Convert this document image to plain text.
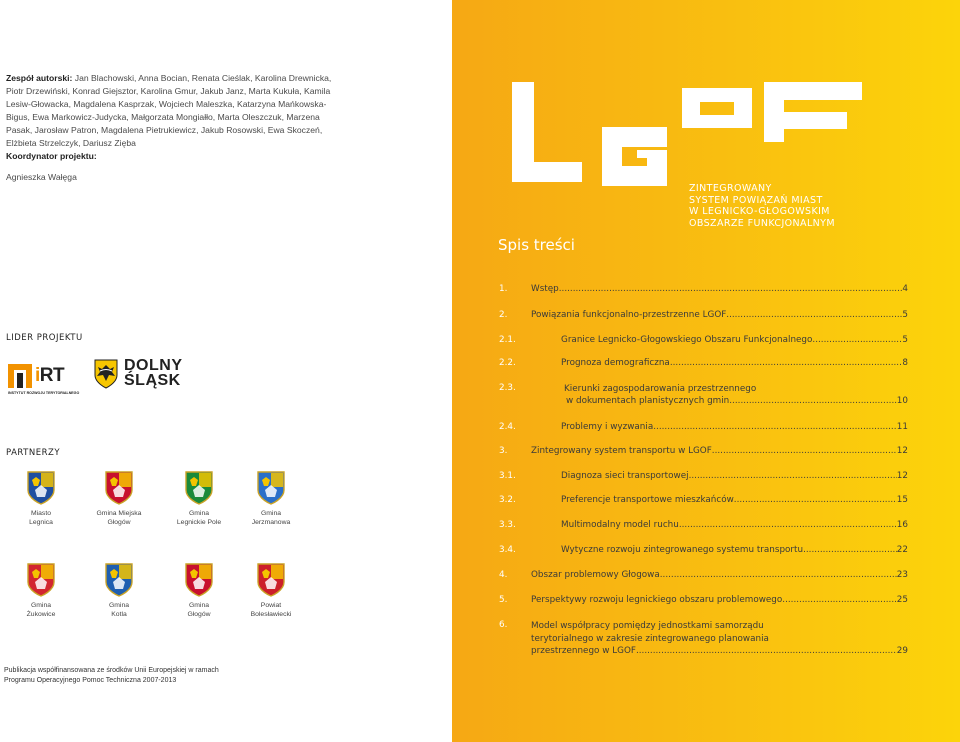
Zespół autorski: Jan Blachowski, Anna Bocian, Renata Cieślak, Karolina Drewnicka, Piotr Drzewiński, Konrad Giejsztor, Karolina Gmur, Jakub Janz, Marta Kukuła, Kamila Lesiw-Głowacka, Magdalena Kasprzak, Wojciech Maleszka, Katarzyna Mańkowska-Bigus, Ewa Markowicz-Judycka, Małgorzata Mongiałło, Marta Oleszczuk, Marzena Pasak, Jarosław Patron, Magdalena Pietrukiewicz, Jakub Rosowski, Ewa Skoczeń, Elżbieta Strzelczyk, Dariusz Zięba
Koordynator projektu:
Agnieszka Wałęga
LIDER PROJEKTU
iRT
INSTYTUT ROZWOJU TERYTORIALNEGO
DOLNY
ŚLĄSK
PARTNERZY
Miasto
Legnica
Gmina Miejska
Głogów
Gmina
Legnickie Pole
Gmina
Jerzmanowa
Gmina
Żukowice
Gmina
Kotla
Gmina
Głogów
Powiat
Bolesławiecki
Publikacja współfinansowana ze środków Unii Europejskiej w ramach
Programu Operacyjnego Pomoc Techniczna 2007-2013
ZINTEGROWANY
SYSTEM POWIĄZAŃ MIAST
W LEGNICKO-GŁOGOWSKIM
OBSZARZE FUNKCJONALNYM
Spis treści
1.	Wstęp .....	4
2.	Powiązania funkcjonalno-przestrzenne LGOF .....	5
2.1.	Granice Legnicko-Głogowskiego Obszaru Funkcjonalnego .....	5
2.2.	Prognoza demograficzna .....	8
2.3.	Kierunki zagospodarowania przestrzennego
w dokumentach planistycznych gmin .....	10
2.4.	Problemy i wyzwania .....	11
3.	Zintegrowany system transportu w LGOF .....	12
3.1.	Diagnoza sieci transportowej .....	12
3.2.	Preferencje transportowe mieszkańców .....	15
3.3.	Multimodalny model ruchu .....	16
3.4.	Wytyczne rozwoju zintegrowanego systemu transportu .....	22
4.	Obszar problemowy Głogowa .....	23
5.	Perspektywy rozwoju legnickiego obszaru problemowego .....	25
6.	Model współpracy pomiędzy jednostkami samorządu
terytorialnego w zakresie zintegrowanego planowania
przestrzennego w LGOF .....	29
